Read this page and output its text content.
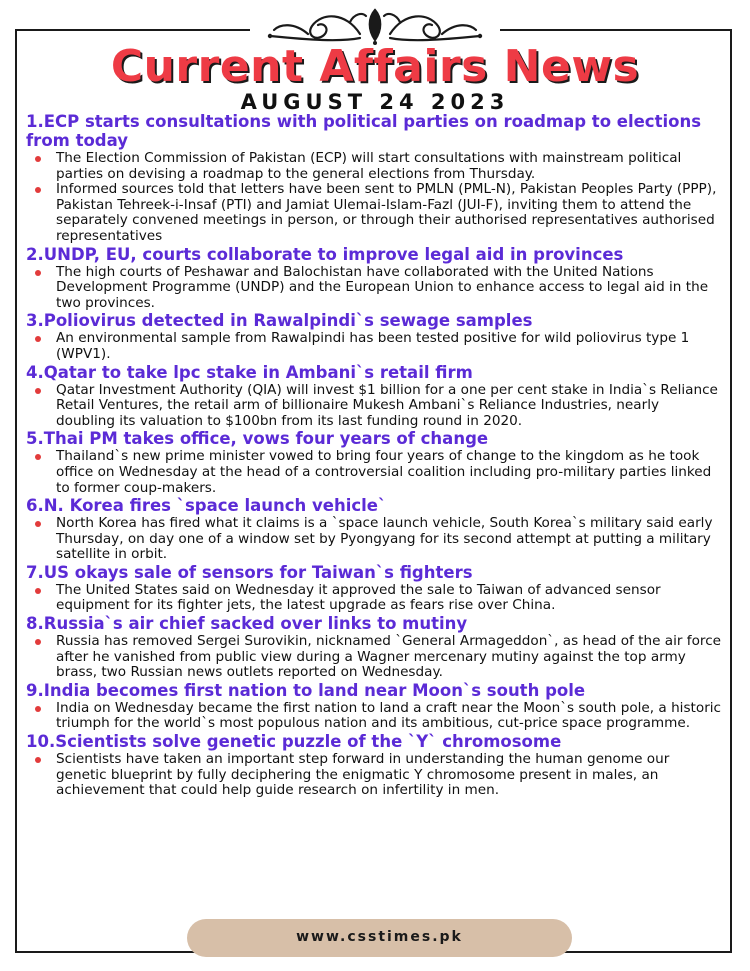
Current Affairs News
AUGUST 24 2023
1.ECP starts consultations with political parties on roadmap to elections from today
The Election Commission of Pakistan (ECP) will start consultations with mainstream political parties on devising a roadmap to the general elections from Thursday.
Informed sources told that letters have been sent to PMLN (PML-N), Pakistan Peoples Party (PPP), Pakistan Tehreek-i-Insaf (PTI) and Jamiat Ulemai-Islam-Fazl (JUI-F), inviting them to attend the separately convened meetings in person, or through their authorised representatives authorised representatives
2.UNDP, EU, courts collaborate to improve legal aid in provinces
The high courts of Peshawar and Balochistan have collaborated with the United Nations Development Programme (UNDP) and the European Union to enhance access to legal aid in the two provinces.
3.Poliovirus detected in Rawalpindi`s sewage samples
An environmental sample from Rawalpindi has been tested positive for wild poliovirus type 1 (WPV1).
4.Qatar to take lpc stake in Ambani`s retail firm
Qatar Investment Authority (QIA) will invest $1 billion for a one per cent stake in India`s Reliance Retail Ventures, the retail arm of billionaire Mukesh Ambani`s Reliance Industries, nearly doubling its valuation to $100bn from its last funding round in 2020.
5.Thai PM takes office, vows four years of change
Thailand`s new prime minister vowed to bring four years of change to the kingdom as he took office on Wednesday at the head of a controversial coalition including pro-military parties linked to former coup-makers.
6.N. Korea fires `space launch vehicle`
North Korea has fired what it claims is a `space launch vehicle, South Korea`s military said early Thursday, on day one of a window set by Pyongyang for its second attempt at putting a military satellite in orbit.
7.US okays sale of sensors for Taiwan`s fighters
The United States said on Wednesday it approved the sale to Taiwan of advanced sensor equipment for its fighter jets, the latest upgrade as fears rise over China.
8.Russia`s air chief sacked over links to mutiny
Russia has removed Sergei Surovikin, nicknamed `General Armageddon`, as head of the air force after he vanished from public view during a Wagner mercenary mutiny against the top army brass, two Russian news outlets reported on Wednesday.
9.India becomes first nation to land near Moon`s south pole
India on Wednesday became the first nation to land a craft near the Moon`s south pole, a historic triumph for the world`s most populous nation and its ambitious, cut-price space programme.
10.Scientists solve genetic puzzle of the `Y` chromosome
Scientists have taken an important step forward in understanding the human genome our genetic blueprint by fully deciphering the enigmatic Y chromosome present in males, an achievement that could help guide research on infertility in men.
www.csstimes.pk
